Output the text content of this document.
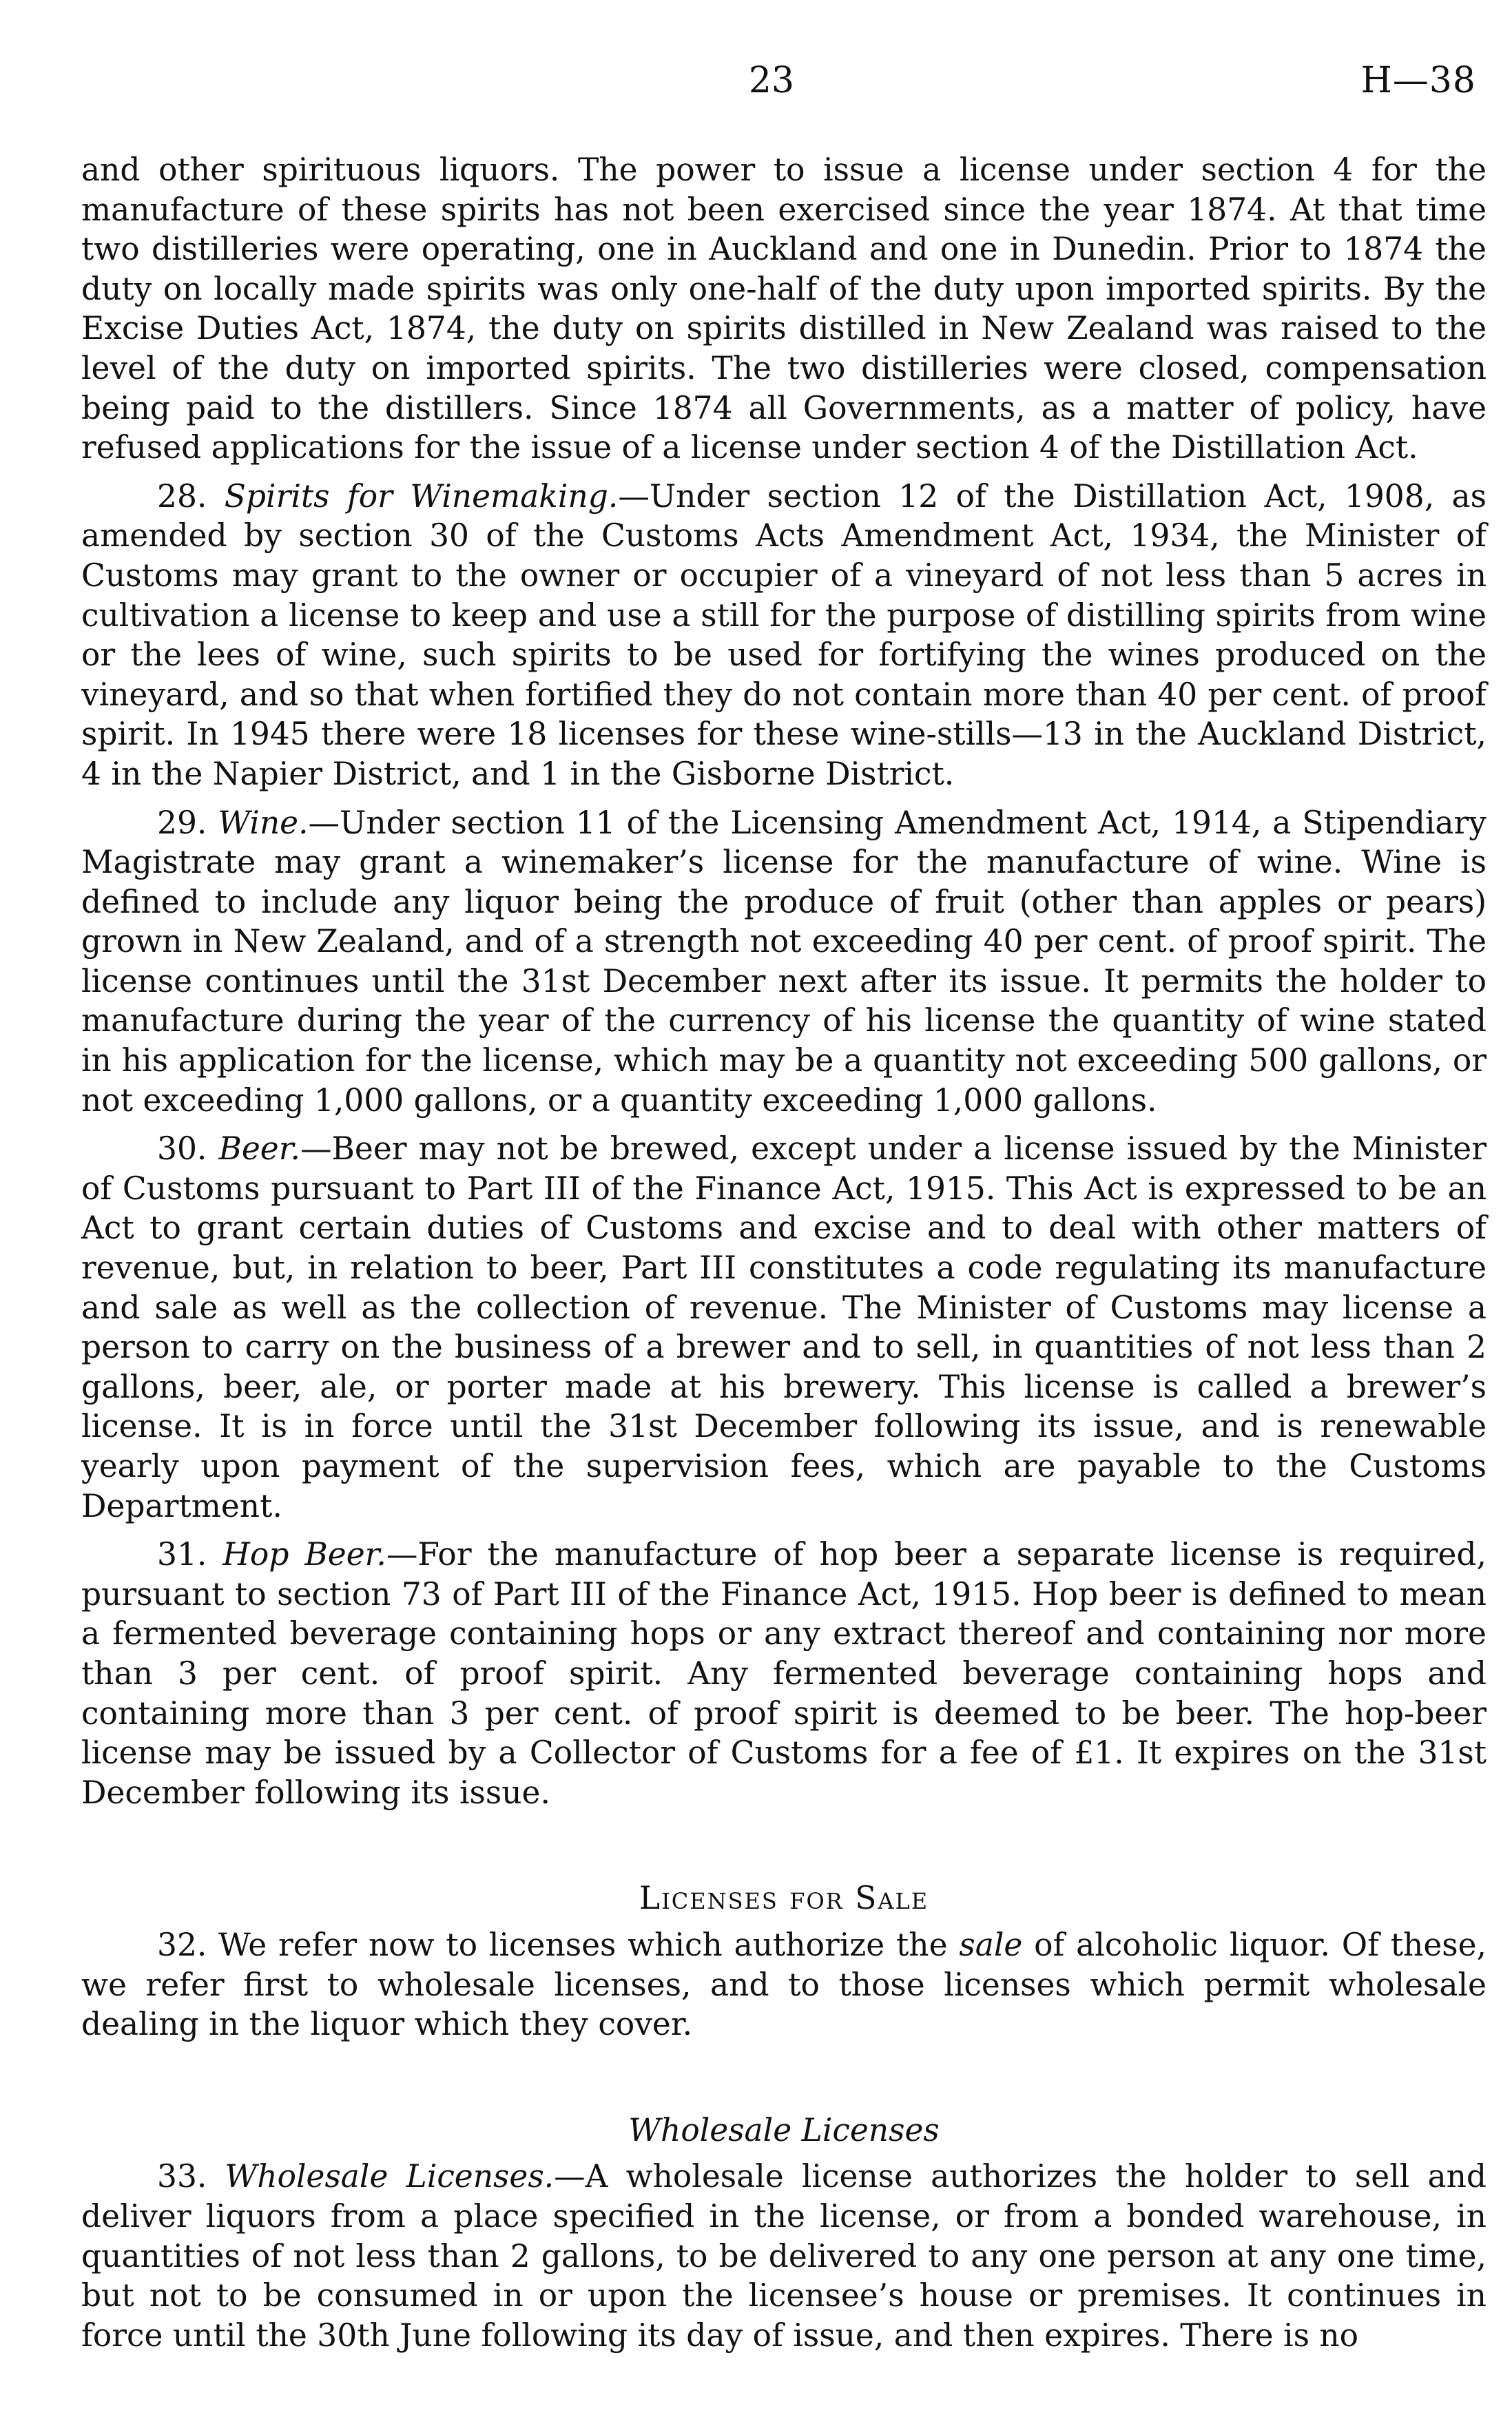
23	H—38

and other spirituous liquors. The power to issue a license under section 4 for the manufacture of these spirits has not been exercised since the year 1874. At that time two distilleries were operating, one in Auckland and one in Dunedin. Prior to 1874 the duty on locally made spirits was only one-half of the duty upon imported spirits. By the Excise Duties Act, 1874, the duty on spirits distilled in New Zealand was raised to the level of the duty on imported spirits. The two distilleries were closed, compensation being paid to the distillers. Since 1874 all Governments, as a matter of policy, have refused applications for the issue of a license under section 4 of the Distillation Act.

28. Spirits for Winemaking.—Under section 12 of the Distillation Act, 1908, as amended by section 30 of the Customs Acts Amendment Act, 1934, the Minister of Customs may grant to the owner or occupier of a vineyard of not less than 5 acres in cultivation a license to keep and use a still for the purpose of distilling spirits from wine or the lees of wine, such spirits to be used for fortifying the wines produced on the vineyard, and so that when fortified they do not contain more than 40 per cent. of proof spirit. In 1945 there were 18 licenses for these wine-stills—13 in the Auckland District, 4 in the Napier District, and 1 in the Gisborne District.

29. Wine.—Under section 11 of the Licensing Amendment Act, 1914, a Stipendiary Magistrate may grant a winemaker’s license for the manufacture of wine. Wine is defined to include any liquor being the produce of fruit (other than apples or pears) grown in New Zealand, and of a strength not exceeding 40 per cent. of proof spirit. The license continues until the 31st December next after its issue. It permits the holder to manufacture during the year of the currency of his license the quantity of wine stated in his application for the license, which may be a quantity not exceeding 500 gallons, or not exceeding 1,000 gallons, or a quantity exceeding 1,000 gallons.

30. Beer.—Beer may not be brewed, except under a license issued by the Minister of Customs pursuant to Part III of the Finance Act, 1915. This Act is expressed to be an Act to grant certain duties of Customs and excise and to deal with other matters of revenue, but, in relation to beer, Part III constitutes a code regulating its manufacture and sale as well as the collection of revenue. The Minister of Customs may license a person to carry on the business of a brewer and to sell, in quantities of not less than 2 gallons, beer, ale, or porter made at his brewery. This license is called a brewer’s license. It is in force until the 31st December following its issue, and is renewable yearly upon payment of the supervision fees, which are payable to the Customs Department.

31. Hop Beer.—For the manufacture of hop beer a separate license is required, pursuant to section 73 of Part III of the Finance Act, 1915. Hop beer is defined to mean a fermented beverage containing hops or any extract thereof and containing nor more than 3 per cent. of proof spirit. Any fermented beverage containing hops and containing more than 3 per cent. of proof spirit is deemed to be beer. The hop-beer license may be issued by a Collector of Customs for a fee of £1. It expires on the 31st December following its issue.

Licenses for Sale

32. We refer now to licenses which authorize the sale of alcoholic liquor. Of these, we refer first to wholesale licenses, and to those licenses which permit wholesale dealing in the liquor which they cover.

Wholesale Licenses

33. Wholesale Licenses.—A wholesale license authorizes the holder to sell and deliver liquors from a place specified in the license, or from a bonded warehouse, in quantities of not less than 2 gallons, to be delivered to any one person at any one time, but not to be consumed in or upon the licensee’s house or premises. It continues in force until the 30th June following its day of issue, and then expires. There is no
